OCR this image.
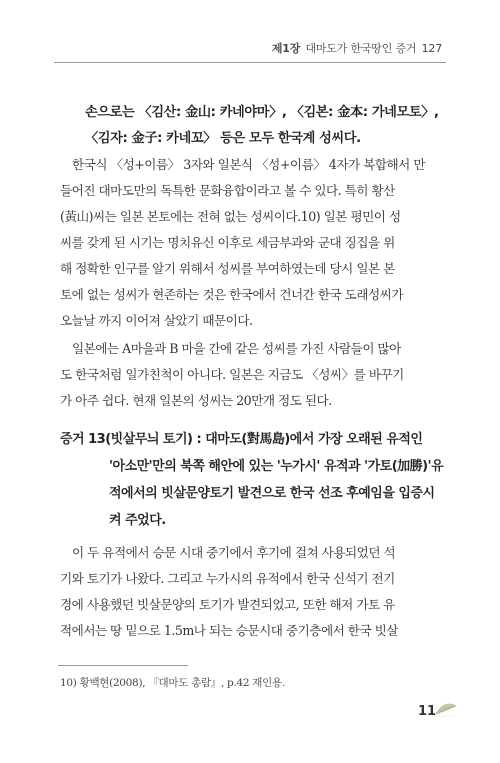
제1장 대마도가 한국땅인 증거 127
손으로는 〈김산: 金山: 카네야마〉, 〈김본: 金本: 가네모토〉,
〈김자: 金子: 카네꼬〉 등은 모두 한국계 성씨다.
한국식 〈성+이름〉 3자와 일본식 〈성+이름〉 4자가 복합해서 만
들어진 대마도만의 독특한 문화융합이라고 볼 수 있다. 특히 황산
(黃山)씨는 일본 본토에는 전혀 없는 성씨이다.10) 일본 평민이 성
씨를 갖게 된 시기는 명치유신 이후로 세금부과와 군대 징집을 위
해 정확한 인구를 알기 위해서 성씨를 부여하였는데 당시 일본 본
토에 없는 성씨가 현존하는 것은 한국에서 건너간 한국 도래성씨가
오늘날 까지 이어져 살았기 때문이다.
일본에는 A마을과 B 마을 간에 같은 성씨를 가진 사람들이 많아
도 한국처럼 일가친척이 아니다. 일본은 지금도 〈성씨〉를 바꾸기
가 아주 쉽다. 현재 일본의 성씨는 20만개 정도 된다.
증거 13(빗살무늬 토기) : 대마도(對馬島)에서 가장 오래된 유적인
'아소만'만의 북쪽 해안에 있는 '누가시' 유적과 '가토(加勝)'유
적에서의 빗살문양토기 발견으로 한국 선조 후예임을 입증시
켜 주었다.
이 두 유적에서 승문 시대 중기에서 후기에 걸쳐 사용되었던 석
기와 토기가 나왔다. 그리고 누가시의 유적에서 한국 신석기 전기
경에 사용했던 빗살문양의 토기가 발견되었고, 또한 해저 가토 유
적에서는 땅 밑으로 1.5m나 되는 승문시대 중기층에서 한국 빗살
10) 황백현(2008), 『대마도 총람』, p.42 재인용.
11
